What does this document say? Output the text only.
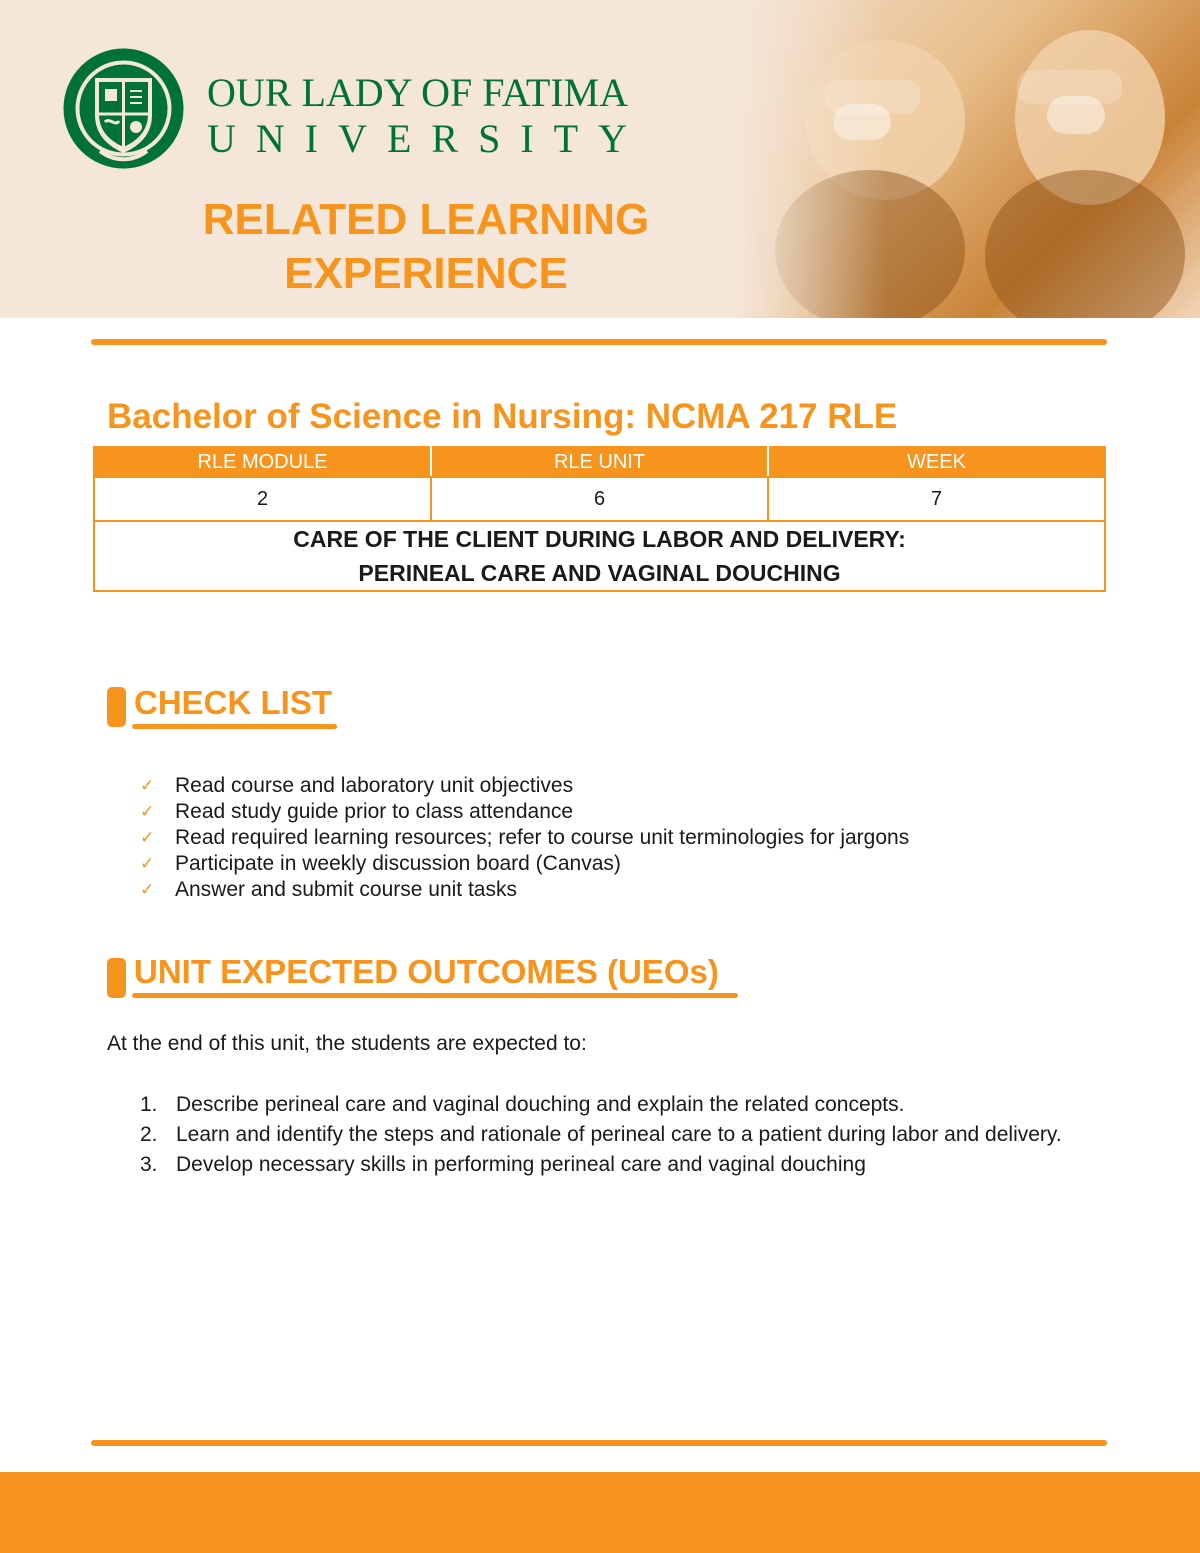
OUR LADY OF FATIMA
UNIVERSITY
RELATED LEARNING EXPERIENCE
Bachelor of Science in Nursing: NCMA 217 RLE
RLE MODULE	RLE UNIT	WEEK
2	6	7

CARE OF THE CLIENT DURING LABOR AND DELIVERY:
PERINEAL CARE AND VAGINAL DOUCHING		
CHECK LIST
✓ Read course and laboratory unit objectives
✓ Read study guide prior to class attendance
✓ Read required learning resources; refer to course unit terminologies for jargons
✓ Participate in weekly discussion board (Canvas)
✓ Answer and submit course unit tasks
UNIT EXPECTED OUTCOMES (UEOs)

At the end of this unit, the students are expected to:

1. Describe perineal care and vaginal douching and explain the related concepts.
2. Learn and identify the steps and rationale of perineal care to a patient during labor and delivery.
3. Develop necessary skills in performing perineal care and vaginal douching
